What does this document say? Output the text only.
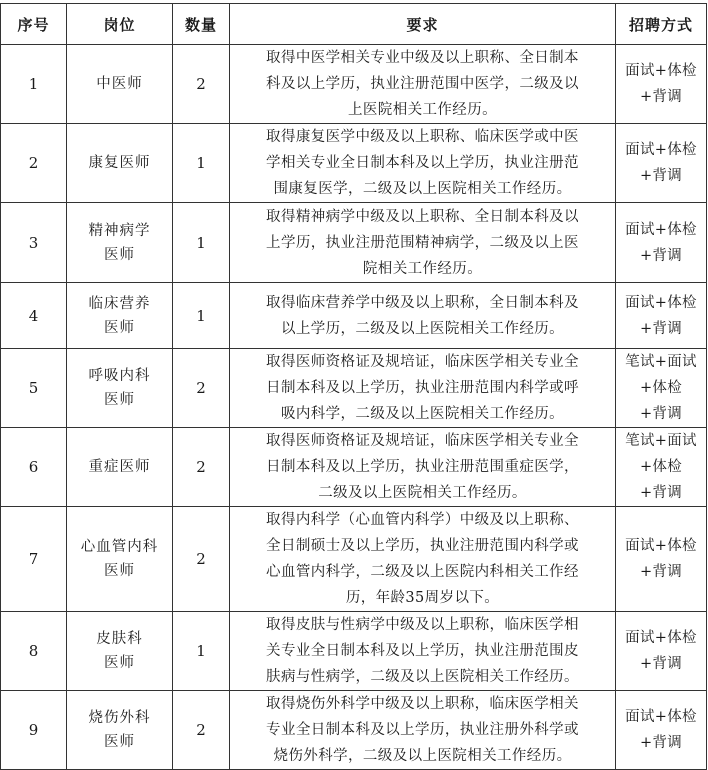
序号	岗位	数量	要求	招聘方式
1	中医师	2	取得中医学相关专业中级及以上职称、全日制本
科及以上学历，执业注册范围中医学，二级及以
上医院相关工作经历。	面试+体检
+背调

2	康复医师	1	取得康复医学中级及以上职称、临床医学或中医
学相关专业全日制本科及以上学历，执业注册范
围康复医学，二级及以上医院相关工作经历。	面试+体检
+背调

3	精神病学
医师	1	取得精神病学中级及以上职称、全日制本科及以
上学历，执业注册范围精神病学，二级及以上医
院相关工作经历。	面试+体检
+背调

4	临床营养
医师	1	取得临床营养学中级及以上职称，全日制本科及
以上学历，二级及以上医院相关工作经历。	面试+体检
+背调

5	呼吸内科
医师	2	取得医师资格证及规培证，临床医学相关专业全
日制本科及以上学历，执业注册范围内科学或呼
吸内科学，二级及以上医院相关工作经历。	笔试+面试
+体检
+背调

6	重症医师	2	取得医师资格证及规培证，临床医学相关专业全
日制本科及以上学历，执业注册范围重症医学，
二级及以上医院相关工作经历。	笔试+面试
+体检
+背调

7	心血管内科
医师	2	取得内科学（心血管内科学）中级及以上职称、
全日制硕士及以上学历，执业注册范围内科学或
心血管内科学，二级及以上医院内科相关工作经
历，年龄35周岁以下。	面试+体检
+背调

8	皮肤科
医师	1	取得皮肤与性病学中级及以上职称，临床医学相
关专业全日制本科及以上学历，执业注册范围皮
肤病与性病学，二级及以上医院相关工作经历。	面试+体检
+背调

9	烧伤外科
医师	2	取得烧伤外科学中级及以上职称，临床医学相关
专业全日制本科及以上学历，执业注册外科学或
烧伤外科学，二级及以上医院相关工作经历。	面试+体检
+背调
